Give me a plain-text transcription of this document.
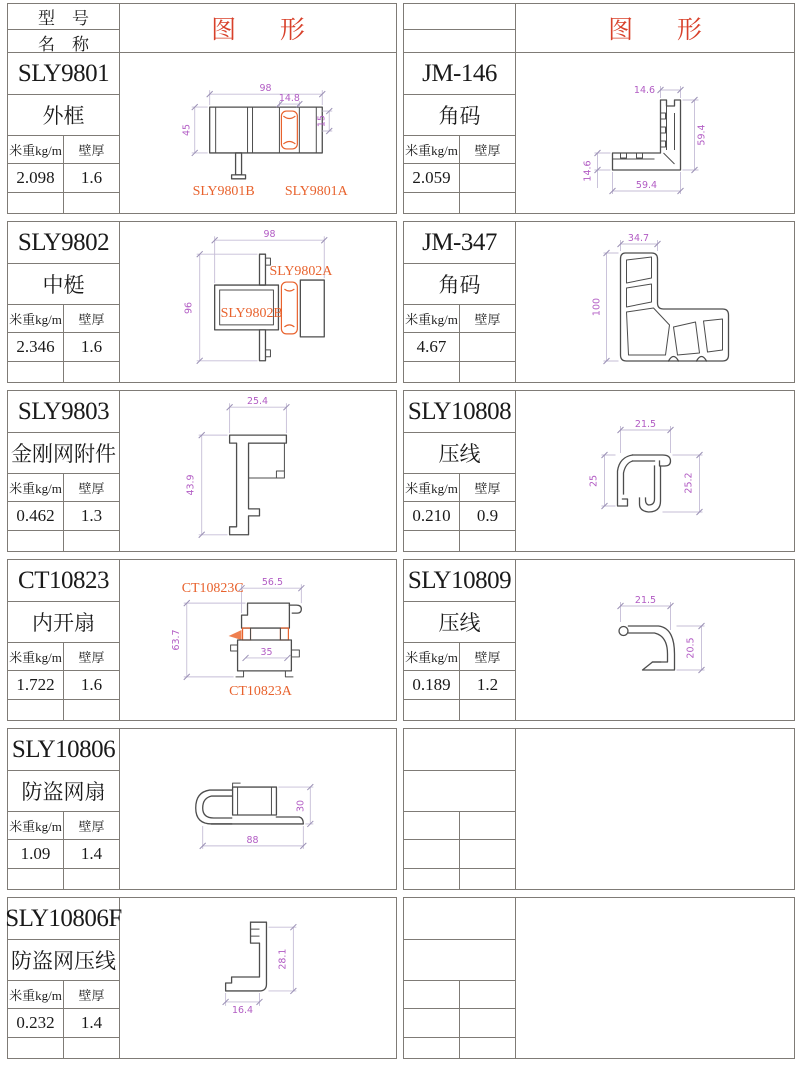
型    号
名    称
图       形
SLY9801
外框
米重kg/m	壁厚
2.098	1.6
98
14.8
45
15
SLY9801B SLY9801A
SLY9802
中梃
米重kg/m	壁厚
2.346	1.6
98
96
SLY9802A
SLY9802B
SLY9803
金刚网附件
米重kg/m	壁厚
0.462	1.3
25.4
43.9
CT10823
内开扇
米重kg/m	壁厚
1.722	1.6
56.5
63.7
35
CT10823C
CT10823A
SLY10806
防盗网扇
米重kg/m	壁厚
1.09	1.4
30
88
SLY10806F
防盗网压线
米重kg/m	壁厚
0.232	1.4
28.1
16.4
图       形
JM-146
角码
米重kg/m	壁厚
2.059
14.6
59.4
14.6
59.4
JM-347
角码
米重kg/m	壁厚
4.67
34.7
100
SLY10808
压线
米重kg/m	壁厚
0.210	0.9
21.5
25	25.2
SLY10809
压线
米重kg/m	壁厚
0.189	1.2
21.5
20.5
